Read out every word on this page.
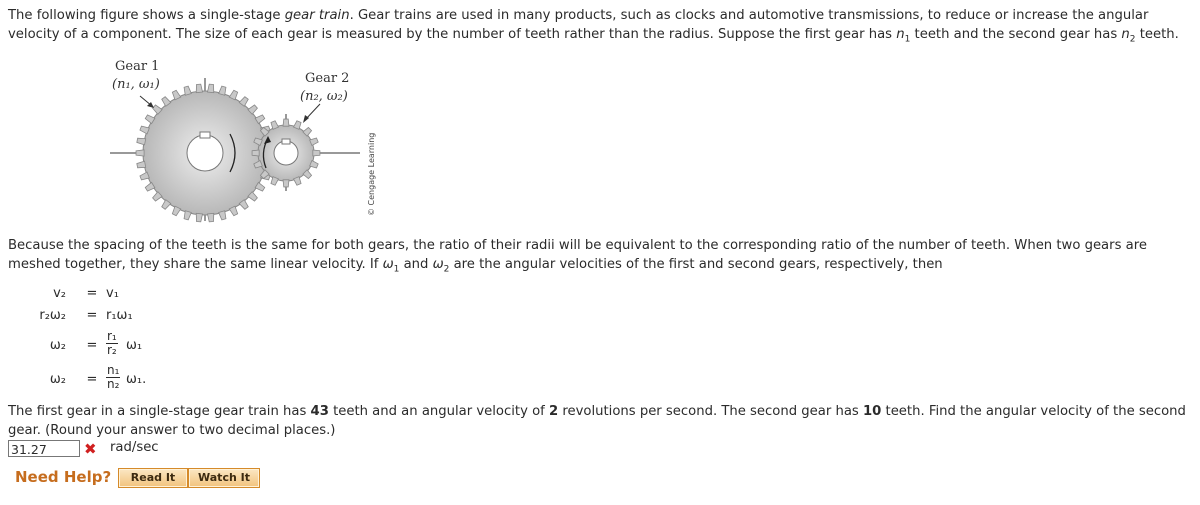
The following figure shows a single-stage gear train. Gear trains are used in many products, such as clocks and automotive transmissions, to reduce or increase the angular velocity of a component. The size of each gear is measured by the number of teeth rather than the radius. Suppose the first gear has $n_1$ teeth and the second gear has $n_2$ teeth.
Gear 1
(n₁, ω₁)	Gear 2
(n₂, ω₂)
© Cengage Learning
Because the spacing of the teeth is the same for both gears, the ratio of their radii will be equivalent to the corresponding ratio of the number of teeth. When two gears are meshed together, they share the same linear velocity. If $\omega_1$ and $\omega_2$ are the angular velocities of the first and second gears, respectively, then
v₂	= v₁
r₂ω₂	= r₁ω₁
ω₂	= $\frac{\text{r₁}}{\text{r₂}} \omega_1$
ω₂	= $\frac{\text{n₁}}{\text{n₂}} \omega_1$.
The first gear in a single-stage gear train has 43 teeth and an angular velocity of 2 revolutions per second. The second gear has 10 teeth. Find the angular velocity of the second gear. (Round your answer to two decimal places.)
31.27	✖ rad/sec
Need Help?	Read It	Watch It
